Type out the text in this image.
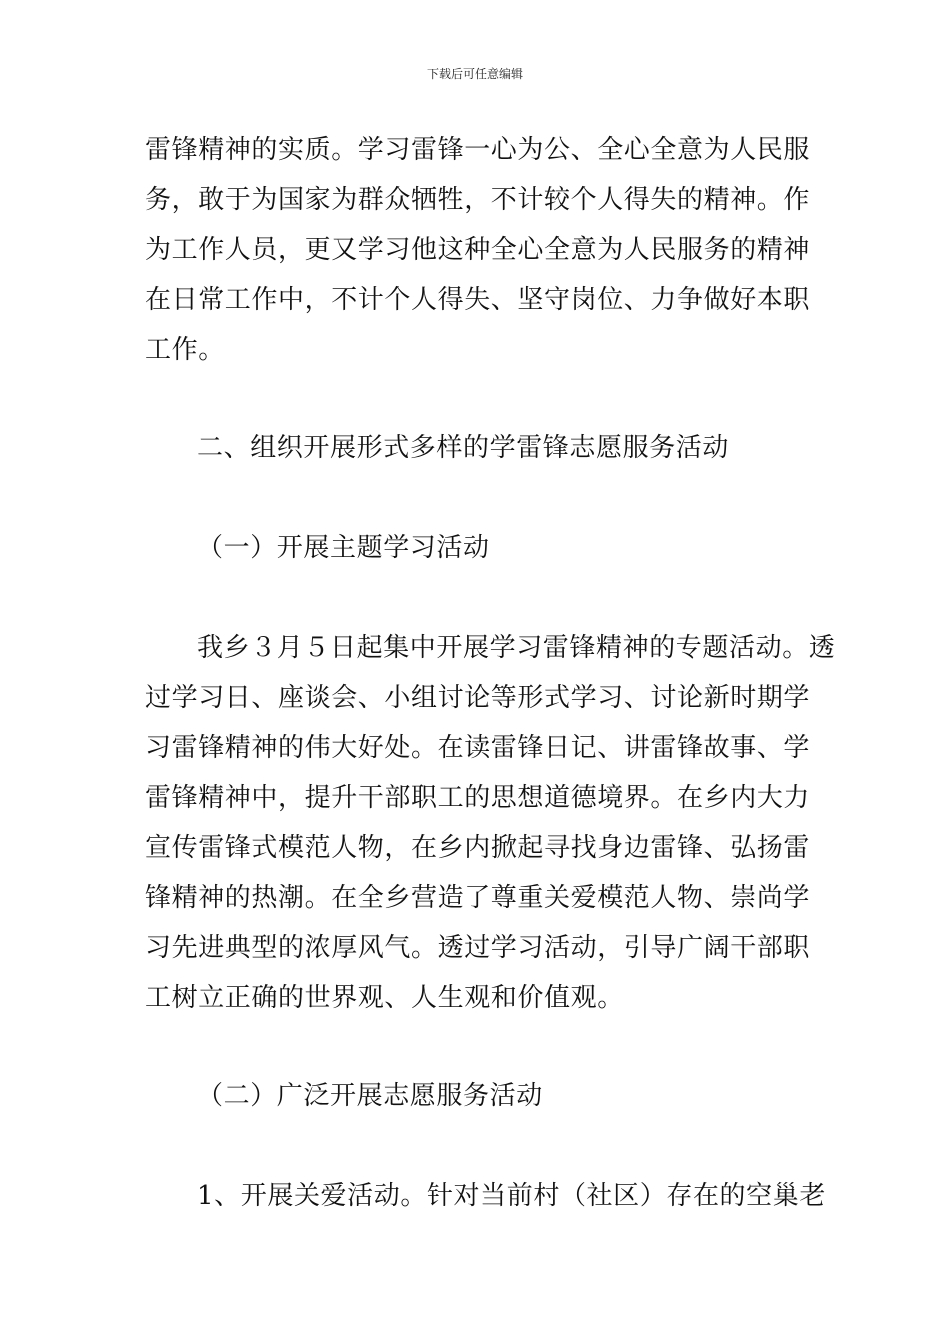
下载后可任意编辑
雷锋精神的实质。学习雷锋一心为公、全心全意为人民服
务，敢于为国家为群众牺牲，不计较个人得失的精神。作
为工作人员，更又学习他这种全心全意为人民服务的精神
在日常工作中，不计个人得失、坚守岗位、力争做好本职
工作。
二、组织开展形式多样的学雷锋志愿服务活动
（一）开展主题学习活动
我乡３月５日起集中开展学习雷锋精神的专题活动。透
过学习日、座谈会、小组讨论等形式学习、讨论新时期学
习雷锋精神的伟大好处。在读雷锋日记、讲雷锋故事、学
雷锋精神中，提升干部职工的思想道德境界。在乡内大力
宣传雷锋式模范人物，在乡内掀起寻找身边雷锋、弘扬雷
锋精神的热潮。在全乡营造了尊重关爱模范人物、崇尚学
习先进典型的浓厚风气。透过学习活动，引导广阔干部职
工树立正确的世界观、人生观和价值观。
（二）广泛开展志愿服务活动
1、开展关爱活动。针对当前村（社区）存在的空巢老
